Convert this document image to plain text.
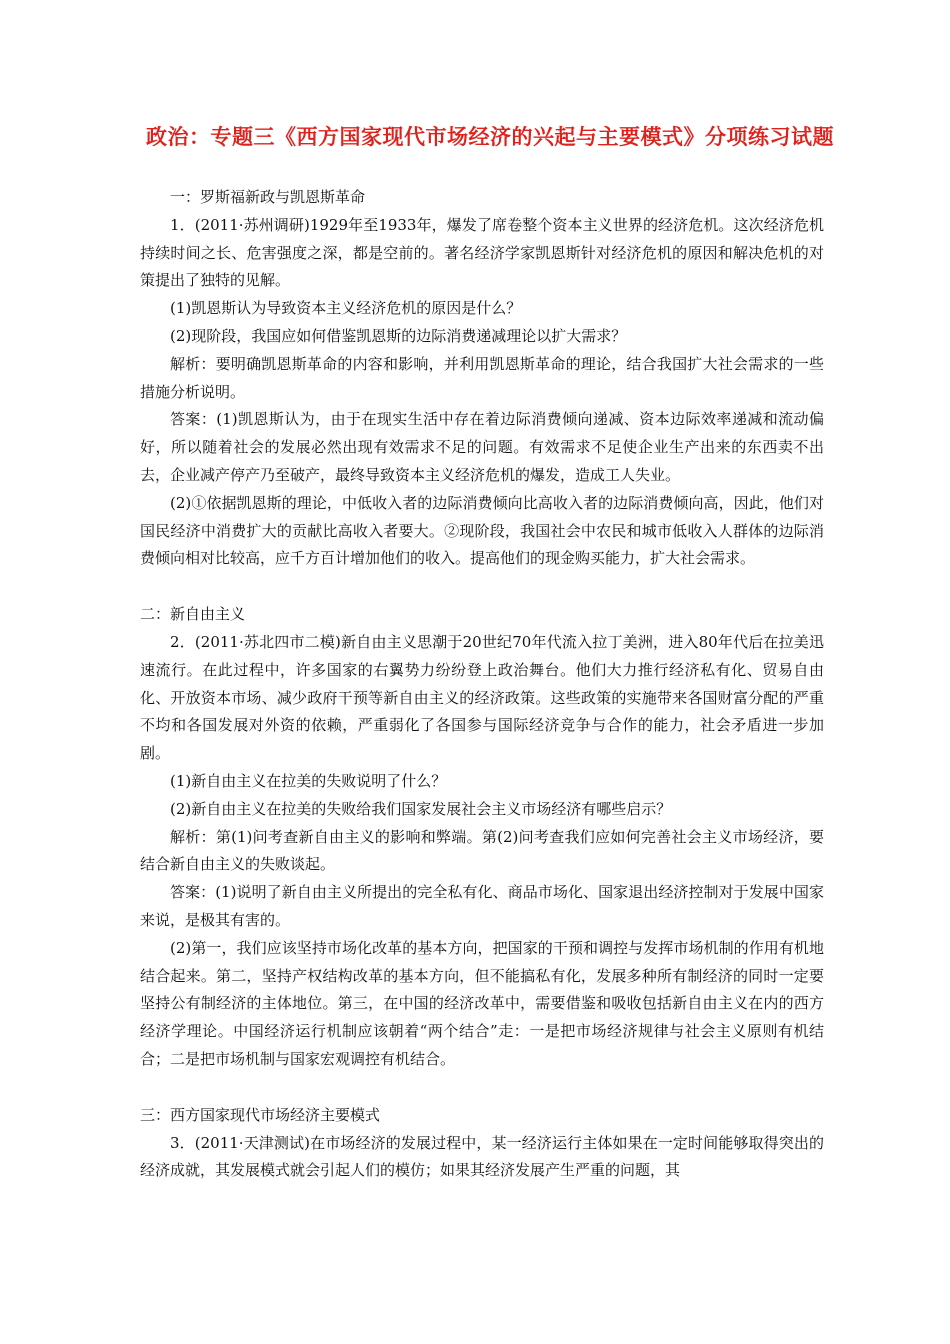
政治：专题三《西方国家现代市场经济的兴起与主要模式》分项练习试题

一：罗斯福新政与凯恩斯革命

1．(2011·苏州调研)1929年至1933年，爆发了席卷整个资本主义世界的经济危机。这次经济危机持续时间之长、危害强度之深，都是空前的。著名经济学家凯恩斯针对经济危机的原因和解决危机的对策提出了独特的见解。

(1)凯恩斯认为导致资本主义经济危机的原因是什么？

(2)现阶段，我国应如何借鉴凯恩斯的边际消费递减理论以扩大需求？

解析：要明确凯恩斯革命的内容和影响，并利用凯恩斯革命的理论，结合我国扩大社会需求的一些措施分析说明。

答案：(1)凯恩斯认为，由于在现实生活中存在着边际消费倾向递减、资本边际效率递减和流动偏好，所以随着社会的发展必然出现有效需求不足的问题。有效需求不足使企业生产出来的东西卖不出去，企业减产停产乃至破产，最终导致资本主义经济危机的爆发，造成工人失业。

(2)①依据凯恩斯的理论，中低收入者的边际消费倾向比高收入者的边际消费倾向高，因此，他们对国民经济中消费扩大的贡献比高收入者要大。②现阶段，我国社会中农民和城市低收入人群体的边际消费倾向相对比较高，应千方百计增加他们的收入。提高他们的现金购买能力，扩大社会需求。

二：新自由主义

2．(2011·苏北四市二模)新自由主义思潮于20世纪70年代流入拉丁美洲，进入80年代后在拉美迅速流行。在此过程中，许多国家的右翼势力纷纷登上政治舞台。他们大力推行经济私有化、贸易自由化、开放资本市场、减少政府干预等新自由主义的经济政策。这些政策的实施带来各国财富分配的严重不均和各国发展对外资的依赖，严重弱化了各国参与国际经济竞争与合作的能力，社会矛盾进一步加剧。

(1)新自由主义在拉美的失败说明了什么？

(2)新自由主义在拉美的失败给我们国家发展社会主义市场经济有哪些启示？

解析：第(1)问考查新自由主义的影响和弊端。第(2)问考查我们应如何完善社会主义市场经济，要结合新自由主义的失败谈起。

答案：(1)说明了新自由主义所提出的完全私有化、商品市场化、国家退出经济控制对于发展中国家来说，是极其有害的。

(2)第一，我们应该坚持市场化改革的基本方向，把国家的干预和调控与发挥市场机制的作用有机地结合起来。第二，坚持产权结构改革的基本方向，但不能搞私有化，发展多种所有制经济的同时一定要坚持公有制经济的主体地位。第三，在中国的经济改革中，需要借鉴和吸收包括新自由主义在内的西方经济学理论。中国经济运行机制应该朝着“两个结合”走：一是把市场经济规律与社会主义原则有机结合；二是把市场机制与国家宏观调控有机结合。

三：西方国家现代市场经济主要模式

3．(2011·天津测试)在市场经济的发展过程中，某一经济运行主体如果在一定时间能够取得突出的经济成就，其发展模式就会引起人们的模仿；如果其经济发展产生严重的问题，其
